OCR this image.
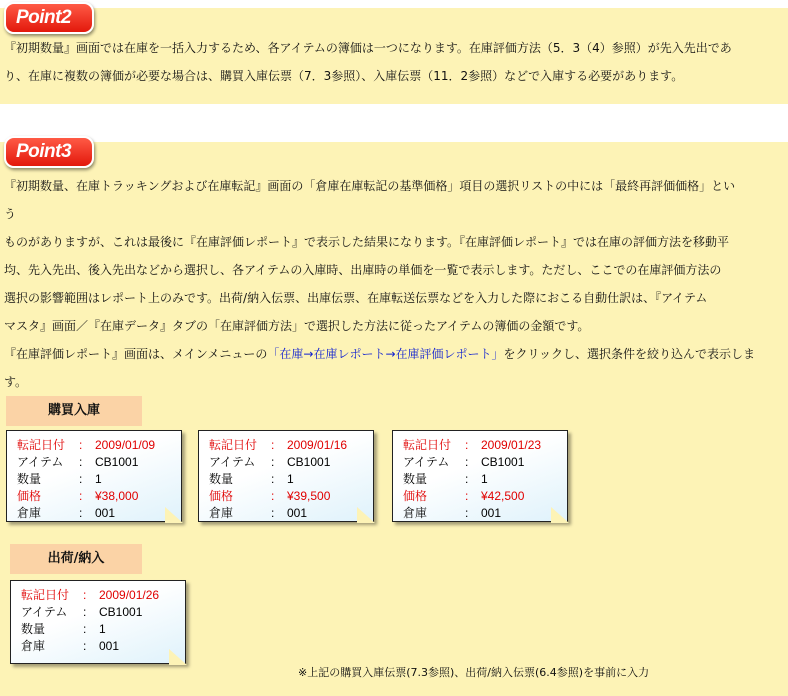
Point2
『初期数量』画面では在庫を一括入力するため、各アイテムの簿価は一つになります。在庫評価方法（5．3（4）参照）が先入先出であ
り、在庫に複数の簿価が必要な場合は、購買入庫伝票（7．3参照）、入庫伝票（11．2参照）などで入庫する必要があります。
Point3
『初期数量、在庫トラッキングおよび在庫転記』画面の「倉庫在庫転記の基準価格」項目の選択リストの中には「最終再評価価格」とい
う
ものがありますが、これは最後に『在庫評価レポート』で表示した結果になります。『在庫評価レポート』では在庫の評価方法を移動平
均、先入先出、後入先出などから選択し、各アイテムの入庫時、出庫時の単価を一覧で表示します。ただし、ここでの在庫評価方法の
選択の影響範囲はレポート上のみです。出荷/納入伝票、出庫伝票、在庫転送伝票などを入力した際におこる自動仕訳は、『アイテム
マスタ』画面／『在庫データ』タブの「在庫評価方法」で選択した方法に従ったアイテムの簿価の金額です。
『在庫評価レポート』画面は、メインメニューの「在庫→在庫レポート→在庫評価レポート」をクリックし、選択条件を絞り込んで表示しま
す。
購買入庫
転記日付	:	2009/01/09
アイテム	:	CB1001
数量	:	1
価格	:	¥38,000
倉庫	:	001
転記日付	:	2009/01/16
アイテム	:	CB1001
数量	:	1
価格	:	¥39,500
倉庫	:	001
転記日付	:	2009/01/23
アイテム	:	CB1001
数量	:	1
価格	:	¥42,500
倉庫	:	001
出荷/納入
転記日付	:	2009/01/26
アイテム	:	CB1001
数量	:	1
倉庫	:	001
※上記の購買入庫伝票(7.3参照)、出荷/納入伝票(6.4参照)を事前に入力
